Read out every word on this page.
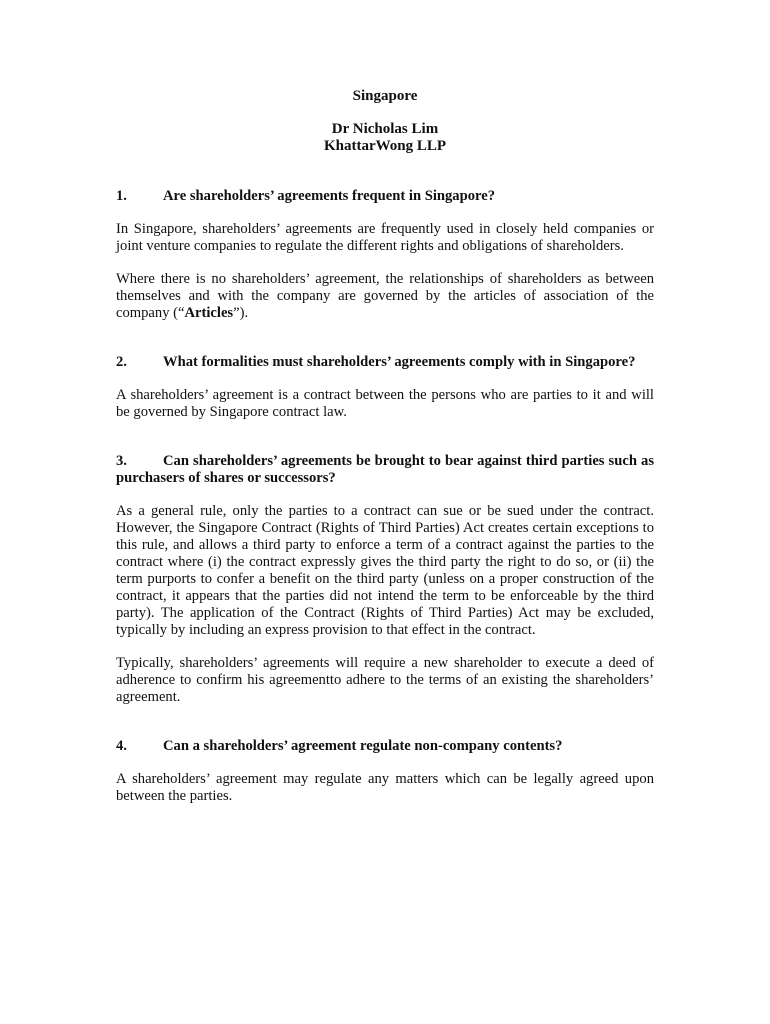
Singapore
Dr Nicholas Lim
KhattarWong LLP
1. Are shareholders’ agreements frequent in Singapore?

In Singapore, shareholders’ agreements are frequently used in closely held companies or joint venture companies to regulate the different rights and obligations of shareholders.

Where there is no shareholders’ agreement, the relationships of shareholders as between themselves and with the company are governed by the articles of association of the company (“Articles”).

2. What formalities must shareholders’ agreements comply with in Singapore?

A shareholders’ agreement is a contract between the persons who are parties to it and will be governed by Singapore contract law.

3. Can shareholders’ agreements be brought to bear against third parties such as purchasers of shares or successors?

As a general rule, only the parties to a contract can sue or be sued under the contract. However, the Singapore Contract (Rights of Third Parties) Act creates certain exceptions to this rule, and allows a third party to enforce a term of a contract against the parties to the contract where (i) the contract expressly gives the third party the right to do so, or (ii) the term purports to confer a benefit on the third party (unless on a proper construction of the contract, it appears that the parties did not intend the term to be enforceable by the third party). The application of the Contract (Rights of Third Parties) Act may be excluded, typically by including an express provision to that effect in the contract.

Typically, shareholders’ agreements will require a new shareholder to execute a deed of adherence to confirm his agreementto adhere to the terms of an existing the shareholders’ agreement.

4. Can a shareholders’ agreement regulate non-company contents?

A shareholders’ agreement may regulate any matters which can be legally agreed upon between the parties.
